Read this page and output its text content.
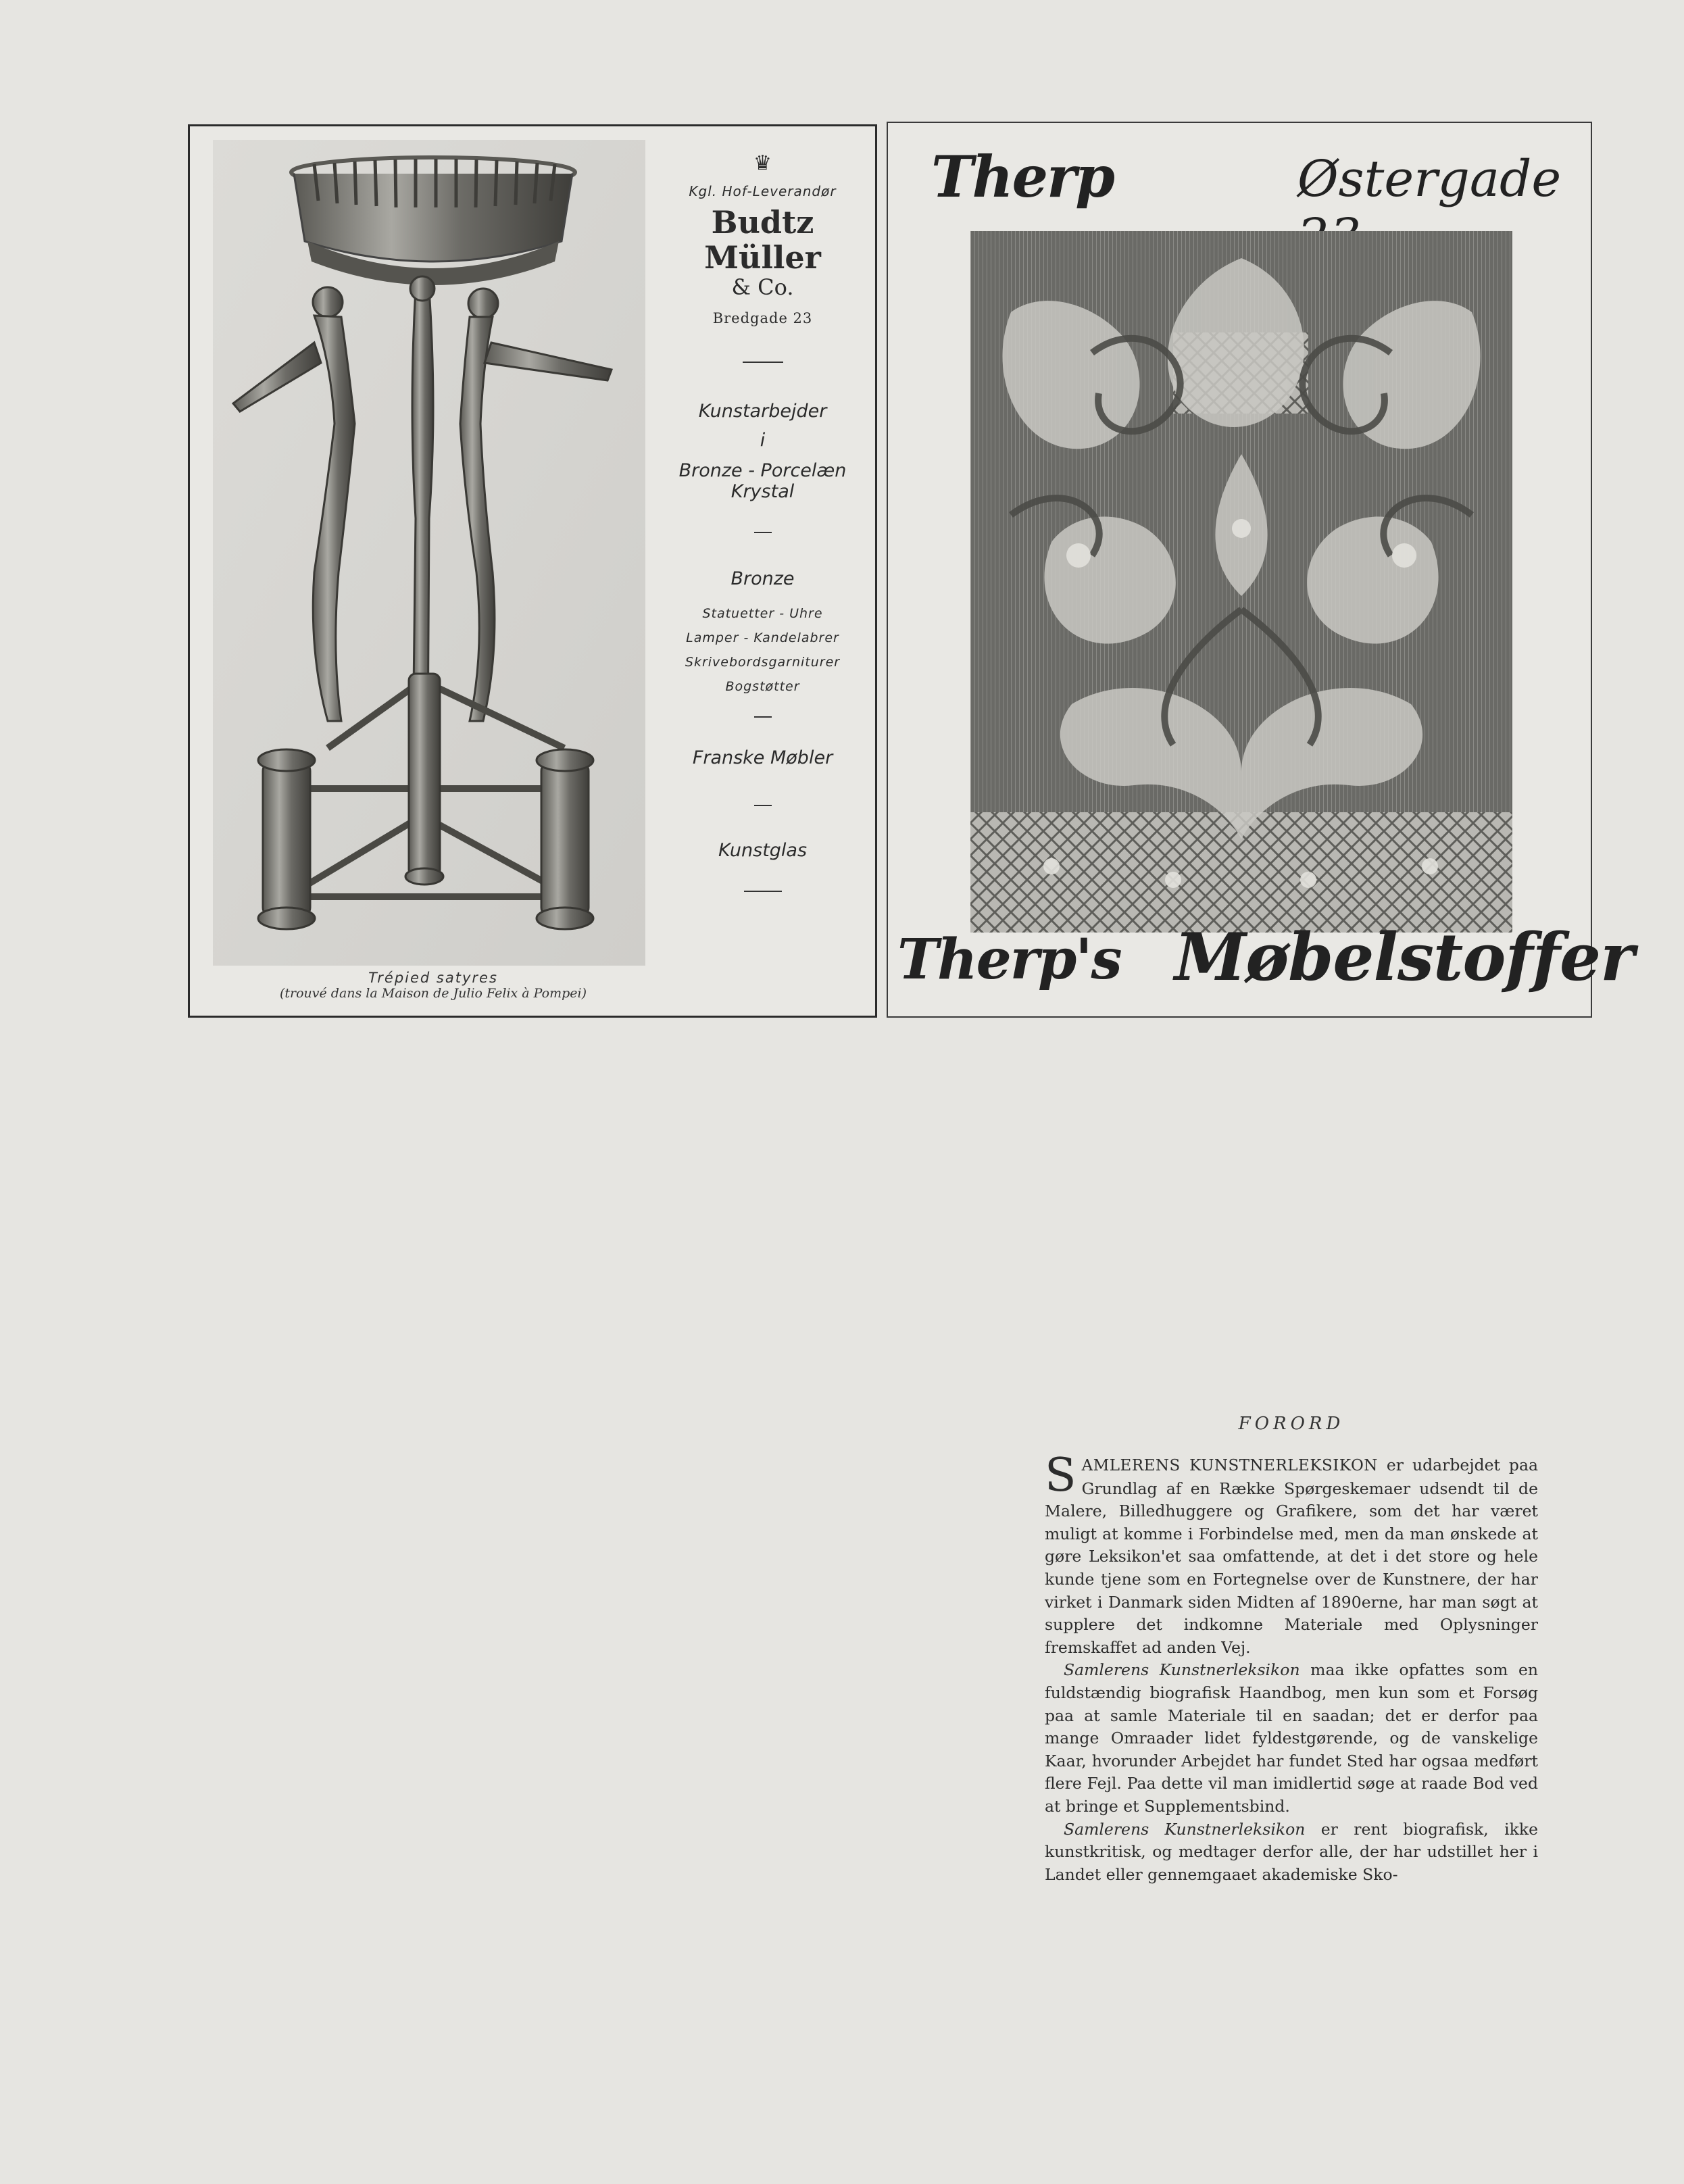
Trépied satyres
(trouvé dans la Maison de Julio Felix à Pompei)
♛
Kgl. Hof-Leverandør
Budtz Müller
& Co.
Bredgade 23
Kunstarbejder
i
Bronze - Porcelæn
Krystal
Bronze
Statuetter - Uhre
Lamper - Kandelabrer
Skrivebordsgarniturer
Bogstøtter
Franske Møbler
Kunstglas
Therp	Østergade
Therp's Møbelstoffer
FORORD

SAMLERENS KUNSTNERLEKSIKON er udarbejdet paa Grundlag af en Række Spørgeskemaer udsendt til de Malere, Billedhuggere og Grafikere, som det har været muligt at komme i Forbindelse med, men da man ønskede at gøre Leksikon'et saa omfattende, at det i det store og hele kunde tjene som en Fortegnelse over de Kunstnere, der har virket i Danmark siden Midten af 1890erne, har man søgt at supplere det indkomne Materiale med Oplysninger fremskaffet ad anden Vej.

Samlerens Kunstnerleksikon maa ikke opfattes som en fuldstændig biografisk Haandbog, men kun som et Forsøg paa at samle Materiale til en saadan; det er derfor paa mange Omraader lidet fyldestgørende, og de vanskelige Kaar, hvorunder Arbejdet har fundet Sted har ogsaa medført flere Fejl. Paa dette vil man imidlertid søge at raade Bod ved at bringe et Supplementsbind.

Samlerens Kunstnerleksikon er rent biografisk, ikke kunstkritisk, og medtager derfor alle, der har udstillet her i Landet eller gennemgaaet akademiske Sko-
